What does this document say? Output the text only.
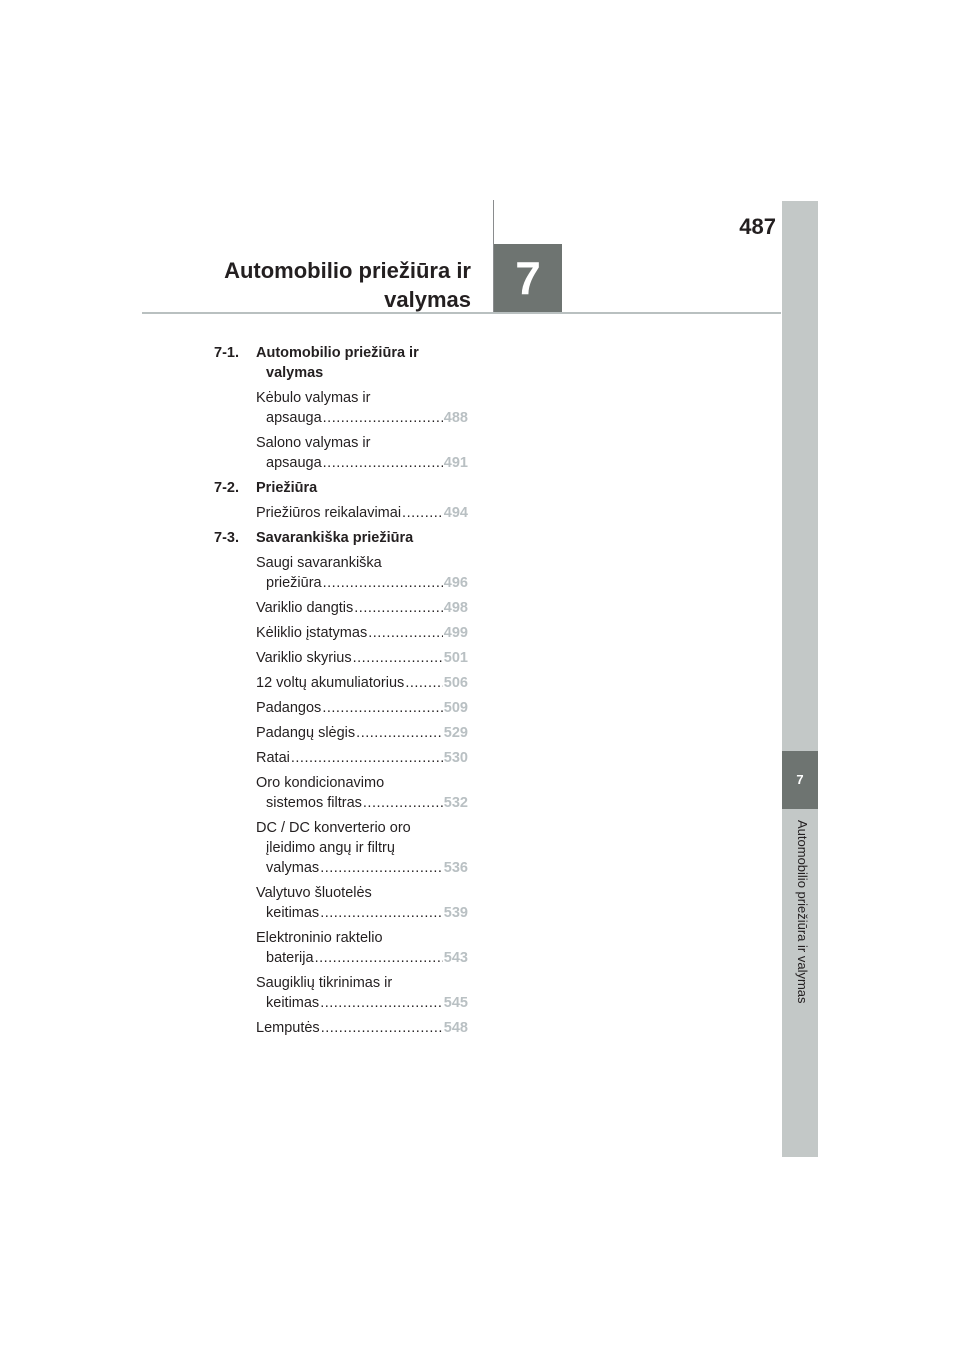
487
Automobilio priežiūra ir
valymas 7
7
Automobilio priežiūra ir valymas
7-1.	Automobilio priežiūra ir
valymas
Kėbulo valymas ir
apsauga .....	488
Salono valymas ir
apsauga .....	491
7-2.	Priežiūra
Priežiūros reikalavimai .....	494
7-3.	Savarankiška priežiūra
Saugi savarankiška
priežiūra .....	496
Variklio dangtis .....	498
Kėliklio įstatymas .....	499
Variklio skyrius .....	501
12 voltų akumuliatorius .....	506
Padangos .....	509
Padangų slėgis .....	529
Ratai .....	530
Oro kondicionavimo
sistemos filtras .....	532
DC / DC konverterio oro
įleidimo angų ir filtrų
valymas .....	536
Valytuvo šluotelės
keitimas .....	539
Elektroninio raktelio
baterija .....	543
Saugiklių tikrinimas ir
keitimas .....	545
Lemputės .....	548
